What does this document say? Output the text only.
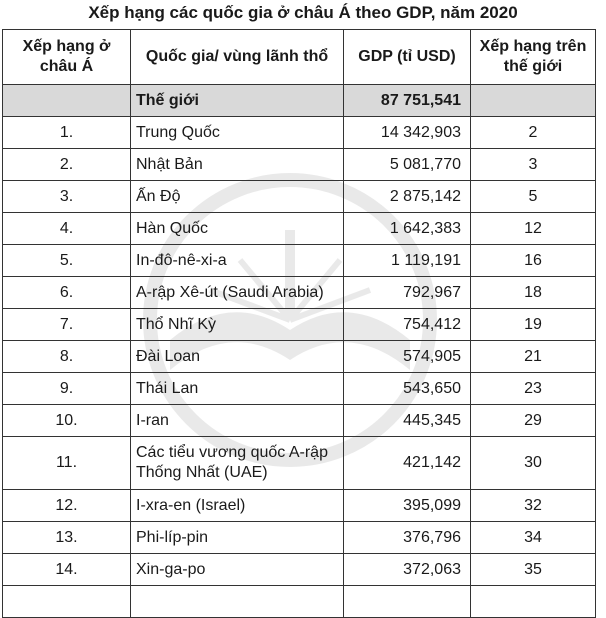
Xếp hạng các quốc gia ở châu Á theo GDP, năm 2020
Xếp hạng ở châu Á	Quốc gia/ vùng lãnh thổ	GDP (tỉ USD)	Xếp hạng trên thế giới
	Thế giới	87 751,541	
1.	Trung Quốc	14 342,903	2
2.	Nhật Bản	5 081,770	3
3.	Ấn Độ	2 875,142	5
4.	Hàn Quốc	1 642,383	12
5.	In-đô-nê-xi-a	1 119,191	16
6.	A-rập Xê-út (Saudi Arabia)	792,967	18
7.	Thổ Nhĩ Kỳ	754,412	19
8.	Đài Loan	574,905	21
9.	Thái Lan	543,650	23
10.	I-ran	445,345	29
11.	Các tiểu vương quốc A-rập Thống Nhất (UAE)	421,142	30
12.	I-xra-en (Israel)	395,099	32
13.	Phi-líp-pin	376,796	34
14.	Xin-ga-po	372,063	35
